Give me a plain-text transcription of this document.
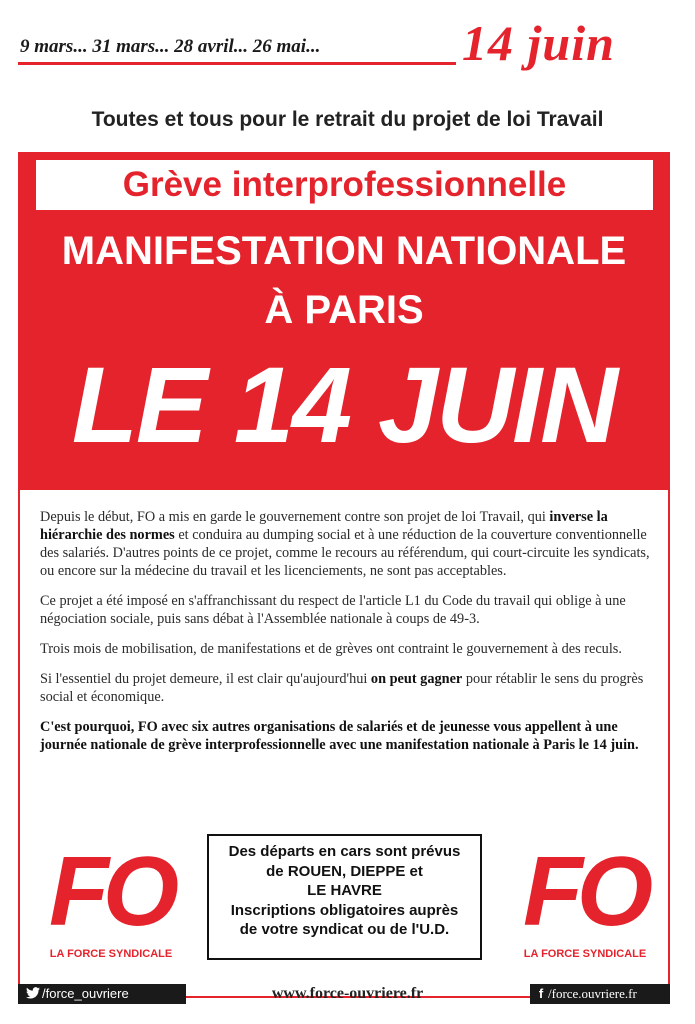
9 mars... 31 mars... 28 avril... 26 mai...	14 juin
Toutes et tous pour le retrait du projet de loi Travail
Grève interprofessionnelle
MANIFESTATION NATIONALE
À PARIS
LE 14 JUIN

Depuis le début, FO a mis en garde le gouvernement contre son projet de loi Travail, qui inverse la hiérarchie des normes et conduira au dumping social et à une réduction de la couverture conventionnelle des salariés. D'autres points de ce projet, comme le recours au référendum, qui court-circuite les syndicats, ou encore sur la médecine du travail et les licenciements, ne sont pas acceptables.

Ce projet a été imposé en s'affranchissant du respect de l'article L1 du Code du travail qui oblige à une négociation sociale, puis sans débat à l'Assemblée nationale à coups de 49-3.

Trois mois de mobilisation, de manifestations et de grèves ont contraint le gouvernement à des reculs.

Si l'essentiel du projet demeure, il est clair qu'aujourd'hui on peut gagner pour rétablir le sens du progrès social et économique.

C'est pourquoi, FO avec six autres organisations de salariés et de jeunesse vous appellent à une journée nationale de grève interprofessionnelle avec une manifestation nationale à Paris le 14 juin.

FO
LA FORCE SYNDICALE
Des départs en cars sont prévus
de ROUEN, DIEPPE et
LE HAVRE
Inscriptions obligatoires auprès
de votre syndicat ou de l'U.D. FO
LA FORCE SYNDICALE
/force_ouvriere	www.force-ouvriere.fr	f /force.ouvriere.fr
